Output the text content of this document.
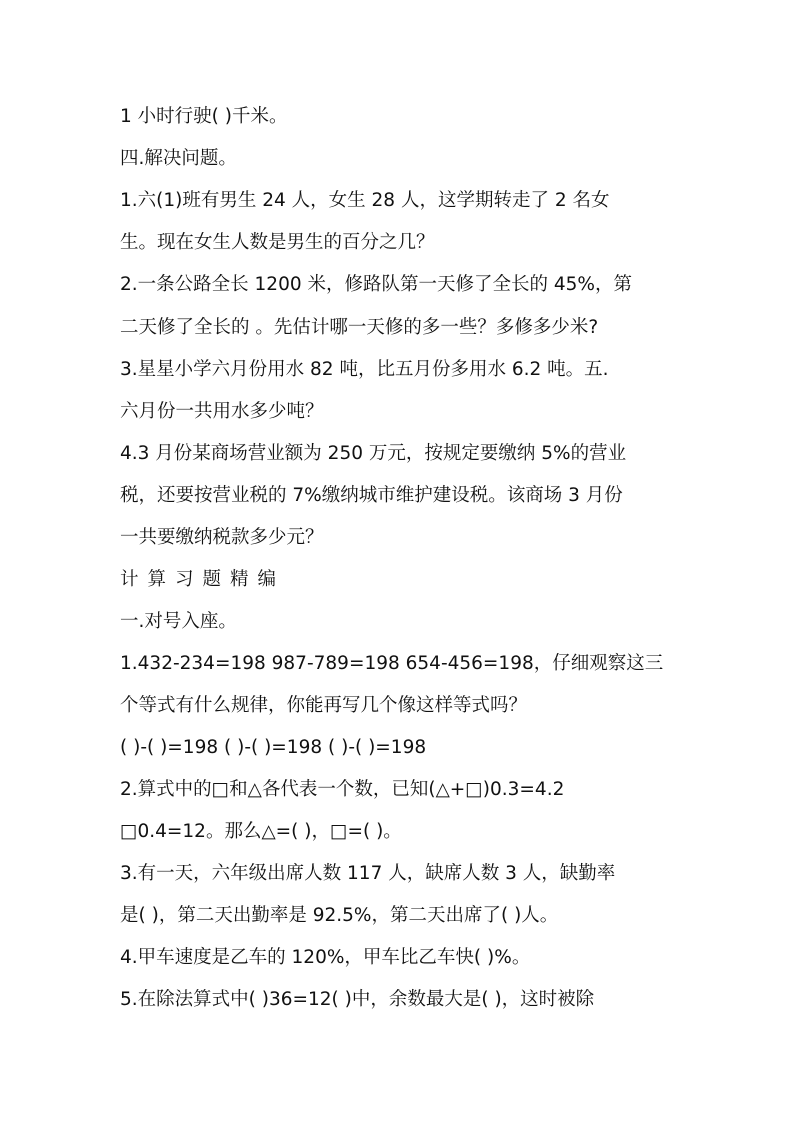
1 小时行驶( )千米。
四.解决问题。
1.六(1)班有男生 24 人，女生 28 人，这学期转走了 2 名女
生。现在女生人数是男生的百分之几？
2.一条公路全长 1200 米，修路队第一天修了全长的 45%，第
二天修了全长的 。先估计哪一天修的多一些？多修多少米?
3.星星小学六月份用水 82 吨，比五月份多用水 6.2 吨。五.
六月份一共用水多少吨？
4.3 月份某商场营业额为 250 万元，按规定要缴纳 5%的营业
税，还要按营业税的 7%缴纳城市维护建设税。该商场 3 月份
一共要缴纳税款多少元？
计算习题精编
一.对号入座。
1.432-234=198 987-789=198 654-456=198，仔细观察这三
个等式有什么规律，你能再写几个像这样等式吗？
( )-( )=198 ( )-( )=198 ( )-( )=198
2.算式中的□和△各代表一个数，已知(△+□)0.3=4.2
□0.4=12。那么△=( )，□=( )。
3.有一天，六年级出席人数 117 人，缺席人数 3 人，缺勤率
是( )，第二天出勤率是 92.5%，第二天出席了( )人。
4.甲车速度是乙车的 120%，甲车比乙车快( )%。
5.在除法算式中( )36=12( )中，余数最大是( )，这时被除
